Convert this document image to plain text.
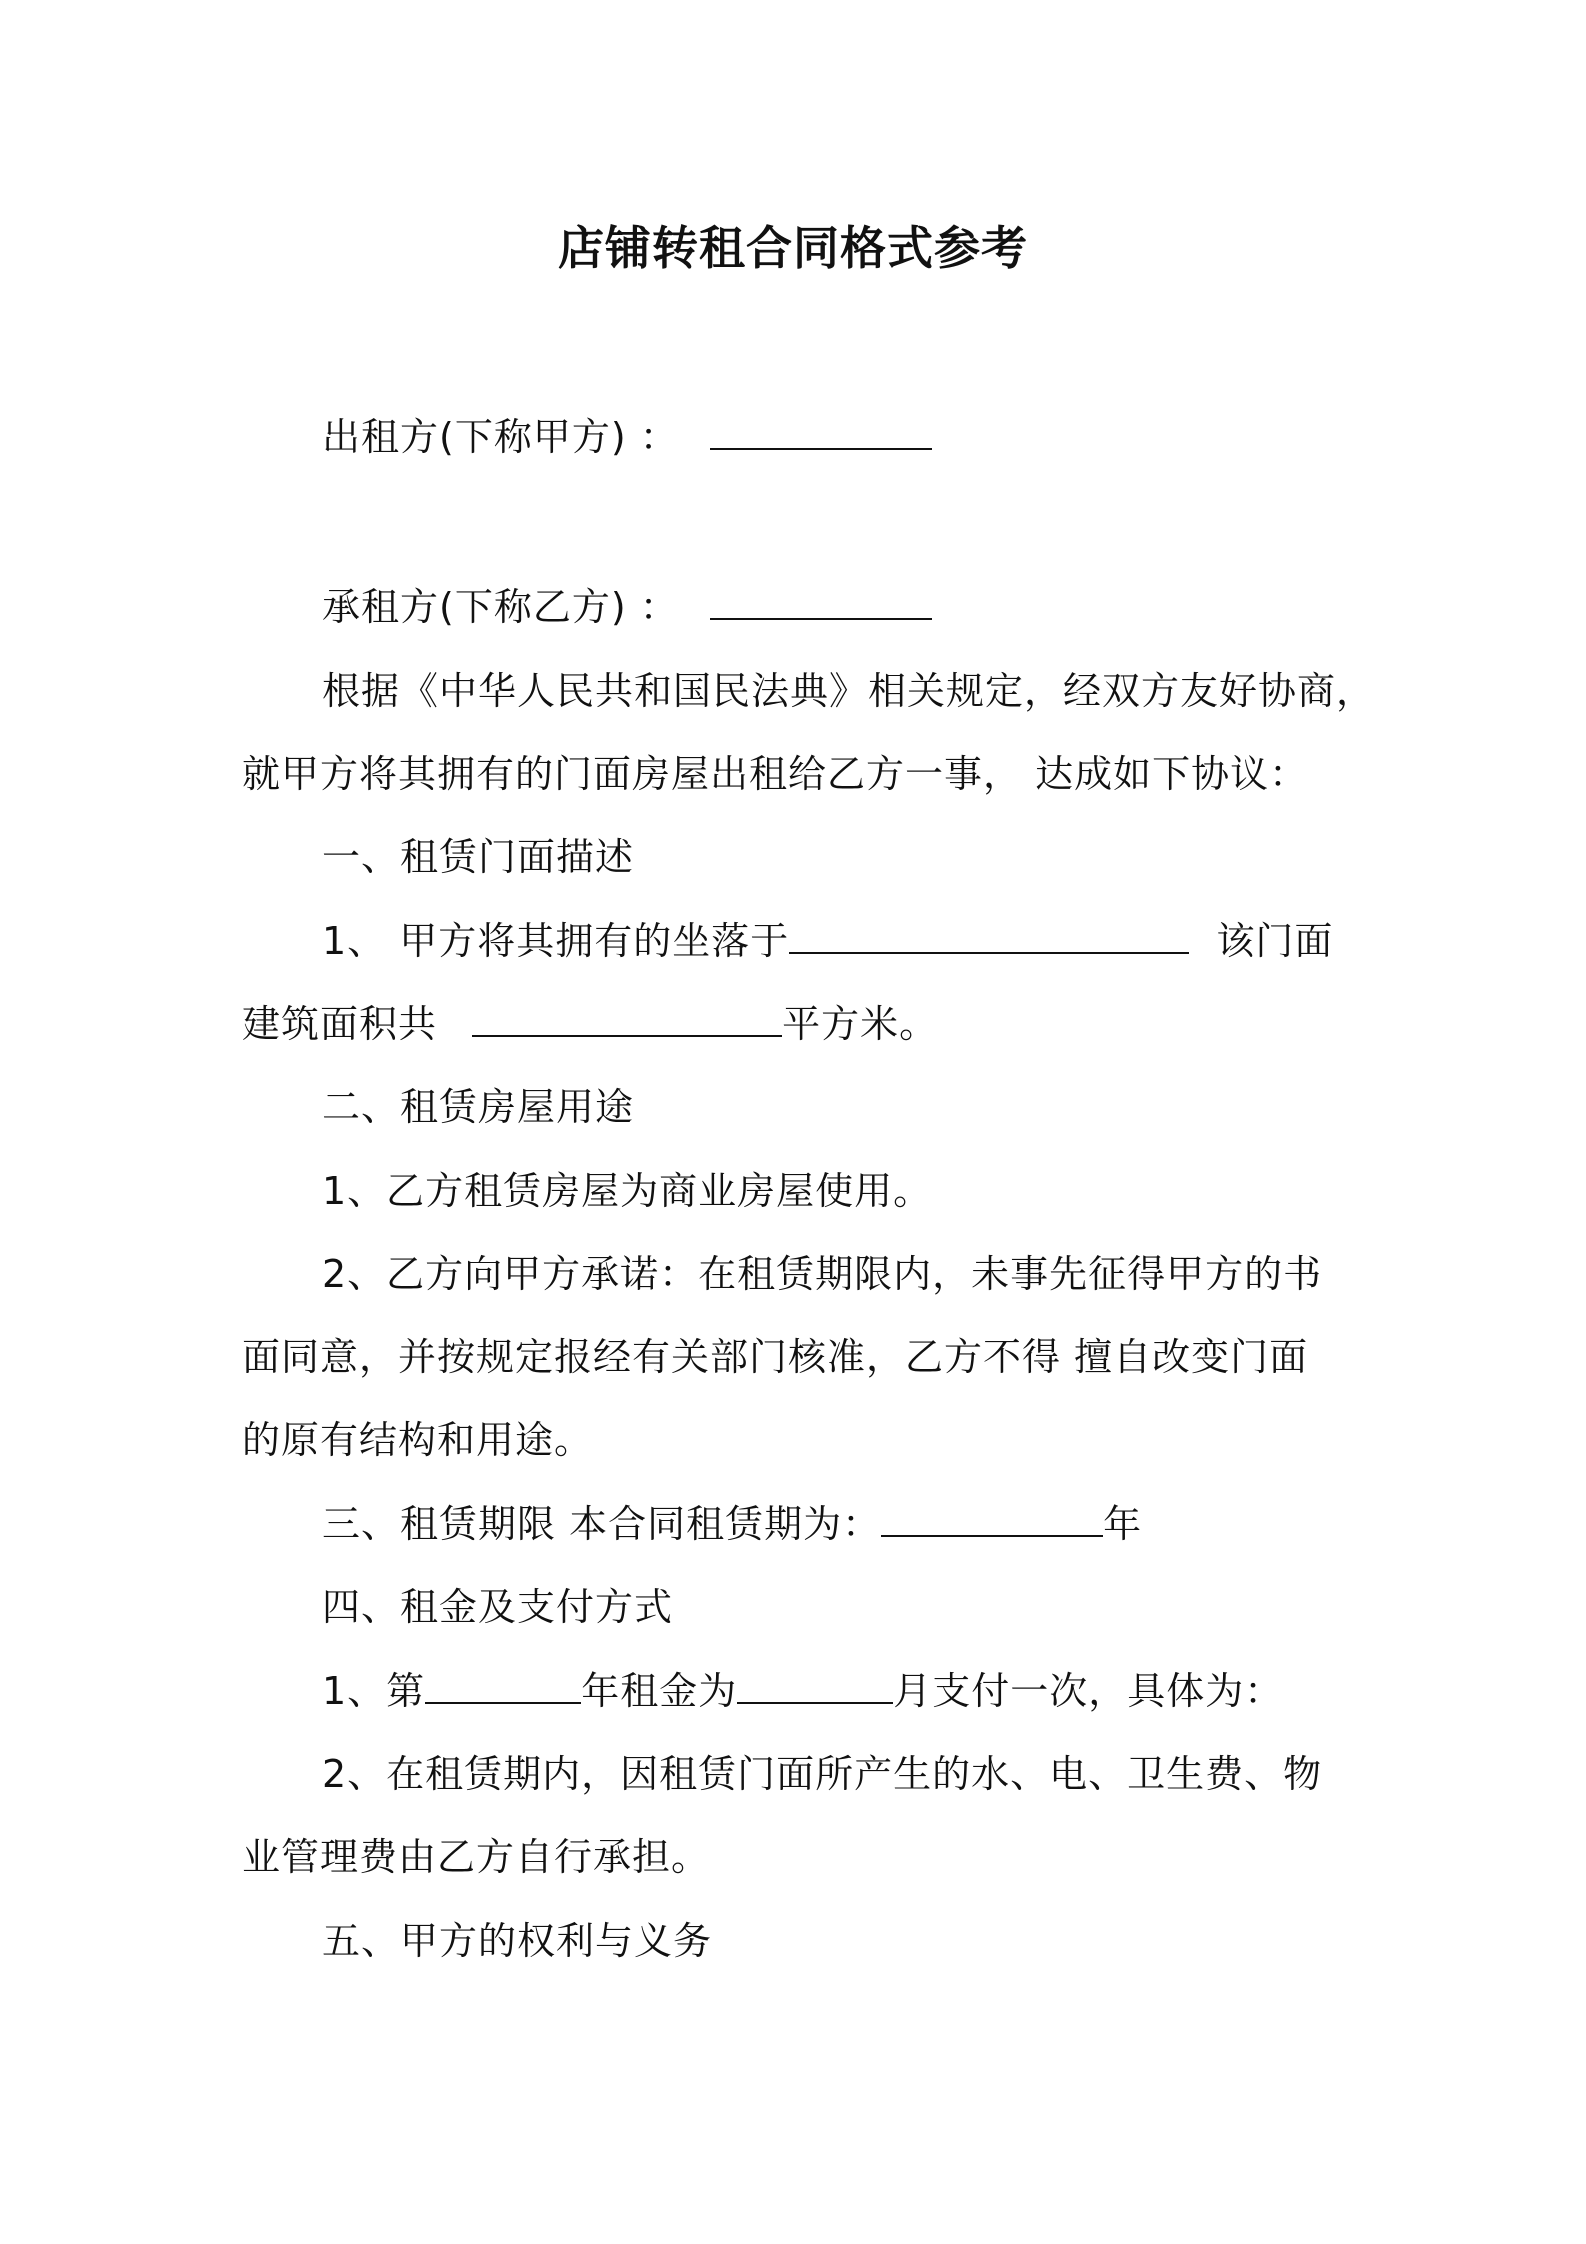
店铺转租合同格式参考
出租方(下称甲方) ：
承租方(下称乙方) ：
根据《中华人民共和国民法典》相关规定，经双方友好协商，
就甲方将其拥有的门面房屋出租给乙方一事， 达成如下协议：
一、租赁门面描述
1、 甲方将其拥有的坐落于	该门面
建筑面积共	平方米。
二、租赁房屋用途
1、乙方租赁房屋为商业房屋使用。
2、乙方向甲方承诺：在租赁期限内，未事先征得甲方的书
面同意，并按规定报经有关部门核准，乙方不得 擅自改变门面
的原有结构和用途。
三、租赁期限 本合同租赁期为：	年
四、租金及支付方式
1、第	年租金为	月支付一次，具体为：
2、在租赁期内，因租赁门面所产生的水、电、卫生费、物
业管理费由乙方自行承担。
五、甲方的权利与义务
